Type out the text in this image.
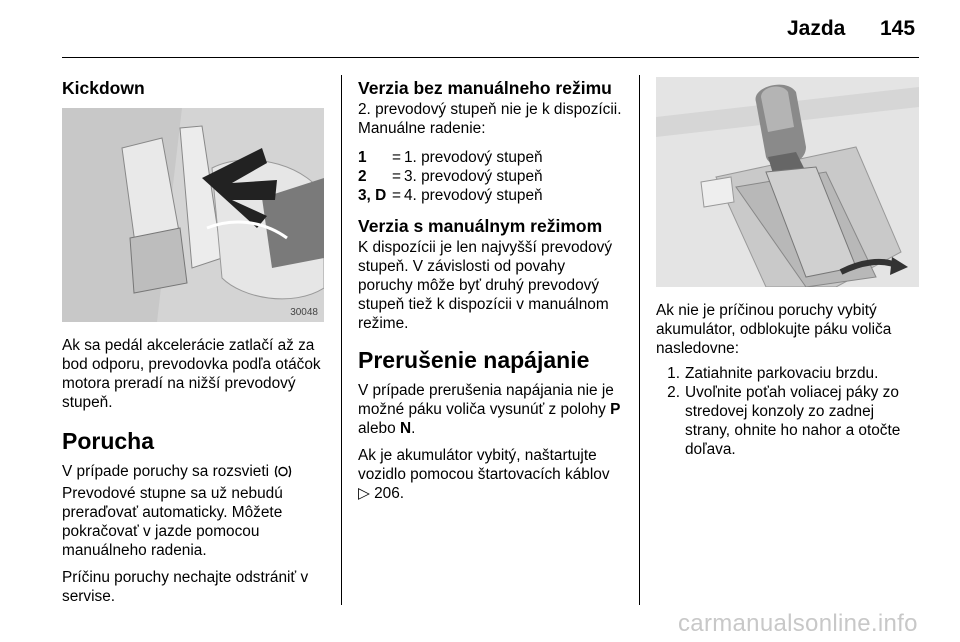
Jazda 145
Kickdown
30048

Ak sa pedál akcelerácie zatlačí až za bod odporu, prevodovka podľa otáčok motora preradí na nižší prevodový stupeň.

Porucha

V prípade poruchy sa rozsvieti
Prevodové stupne sa už nebudú preraďovať automaticky. Môžete pokračovať v jazde pomocou manuálneho radenia.

Príčinu poruchy nechajte odstrániť v servise.

Verzia bez manuálneho režimu

2. prevodový stupeň nie je k dispozícii. Manuálne radenie:

1	= 1. prevodový stupeň
2	= 3. prevodový stupeň
3, D = 4. prevodový stupeň
Verzia s manuálnym režimom

K dispozícii je len najvyšší prevodový stupeň. V závislosti od povahy poruchy môže byť druhý prevodový stupeň tiež k dispozícii v manuálnom režime.

Prerušenie napájanie

V prípade prerušenia napájania nie je možné páku voliča vysunúť z polohy P alebo N.

Ak je akumulátor vybitý, naštartujte vozidlo pomocou štartovacích káblov
▷ 206.

Ak nie je príčinou poruchy vybitý akumulátor, odblokujte páku voliča nasledovne:

1. Zatiahnite parkovaciu brzdu.
2. Uvoľnite poťah voliacej páky zo stredovej konzoly zo zadnej strany, ohnite ho nahor a otočte doľava.
carmanualsonline.info
